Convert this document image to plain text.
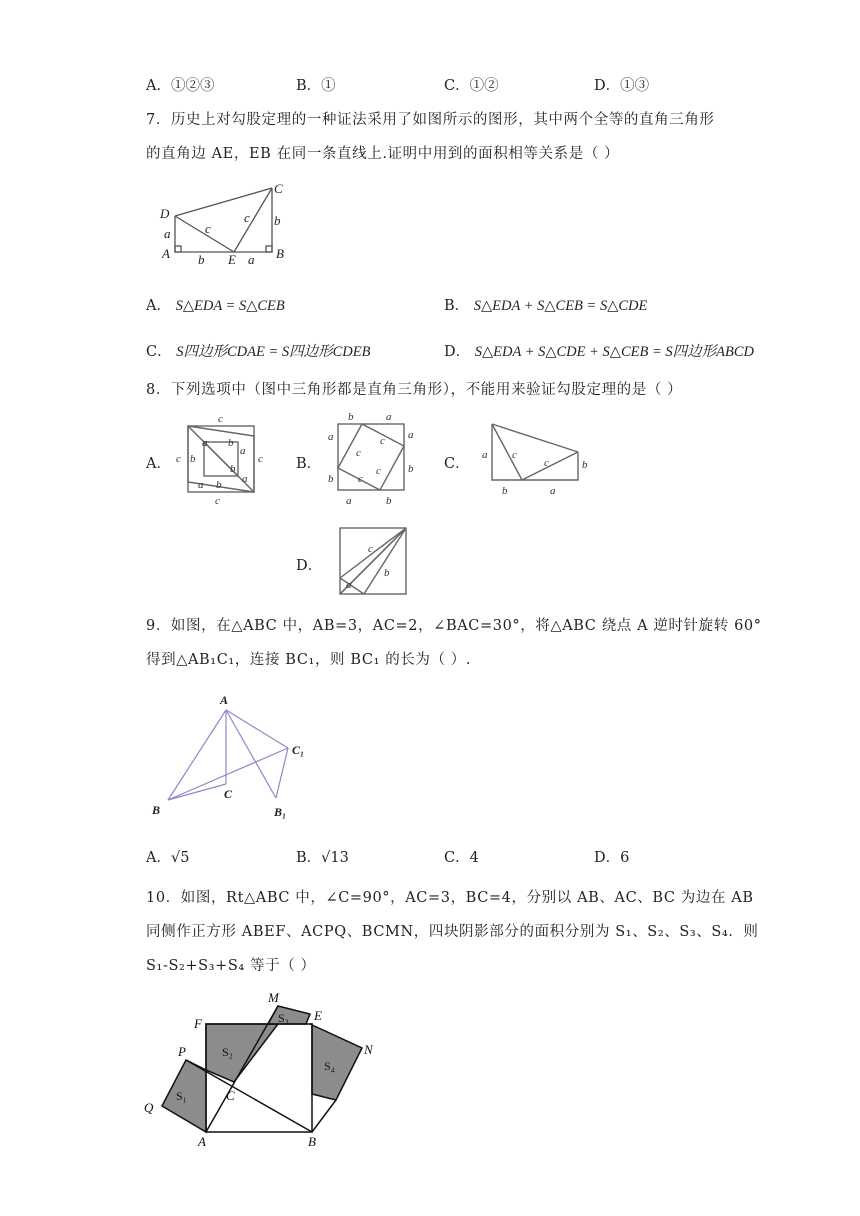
A．①②③	B．①	C．①②	D．①③
7．历史上对勾股定理的一种证法采用了如图所示的图形，其中两个全等的直角三角形
的直角边 AE，EB 在同一条直线上.证明中用到的面积相等关系是（ ）
D
A
C
B
E
a
a
b
b
c
c
A． S△EDA = S△CEB	B． S△EDA + S△CEB = S△CDE
C． S四边形CDAE = S四边形CDEB	D． S△EDA + S△CDE + S△CEB = S四边形ABCD
8．下列选项中（图中三角形都是直角三角形），不能用来验证勾股定理的是（ ）
A．
c
c
c	c
a b
a
b
a b a
b	B．
b	a
a
b
a
b
a	b
c
c
c
c
C．
a
b
b	a
c
c
D．
c
a
b
9．如图，在△ABC 中，AB=3，AC=2，∠BAC=30°，将△ABC 绕点 A 逆时针旋转 60°
得到△AB₁C₁，连接 BC₁，则 BC₁ 的长为（ ）.
A
B
C
C₁
B₁
A．√5	B．√13	C．4	D．6
10．如图，Rt△ABC 中，∠C=90°，AC=3，BC=4，分别以 AB、AC、BC 为边在 AB
同侧作正方形 ABEF、ACPQ、BCMN，四块阴影部分的面积分别为 S₁、S₂、S₃、S₄．则
S₁-S₂+S₃+S₄ 等于（ ）
M
E
F
N
P
Q
C
A	B
S₁
S₂
S₃
S₄
